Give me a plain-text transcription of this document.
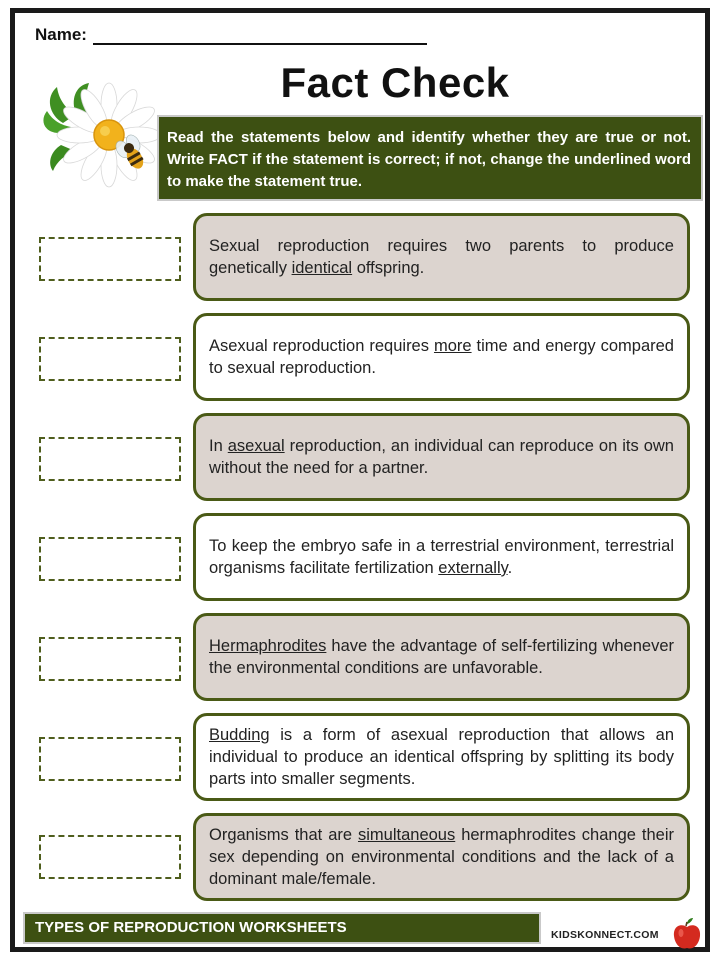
Name:
Fact Check
Read the statements below and identify whether they are true or not. Write FACT if the statement is correct; if not, change the underlined word to make the statement true.
Sexual reproduction requires two parents to produce genetically identical offspring.
Asexual reproduction requires more time and energy compared to sexual reproduction.
In asexual reproduction, an individual can reproduce on its own without the need for a partner.
To keep the embryo safe in a terrestrial environment, terrestrial organisms facilitate fertilization externally.
Hermaphrodites have the advantage of self-fertilizing whenever the environmental conditions are unfavorable.
Budding is a form of asexual reproduction that allows an individual to produce an identical offspring by splitting its body parts into smaller segments.
Organisms that are simultaneous hermaphrodites change their sex depending on environmental conditions and the lack of a dominant male/female.
TYPES OF REPRODUCTION WORKSHEETS	KIDSKONNECT.COM
